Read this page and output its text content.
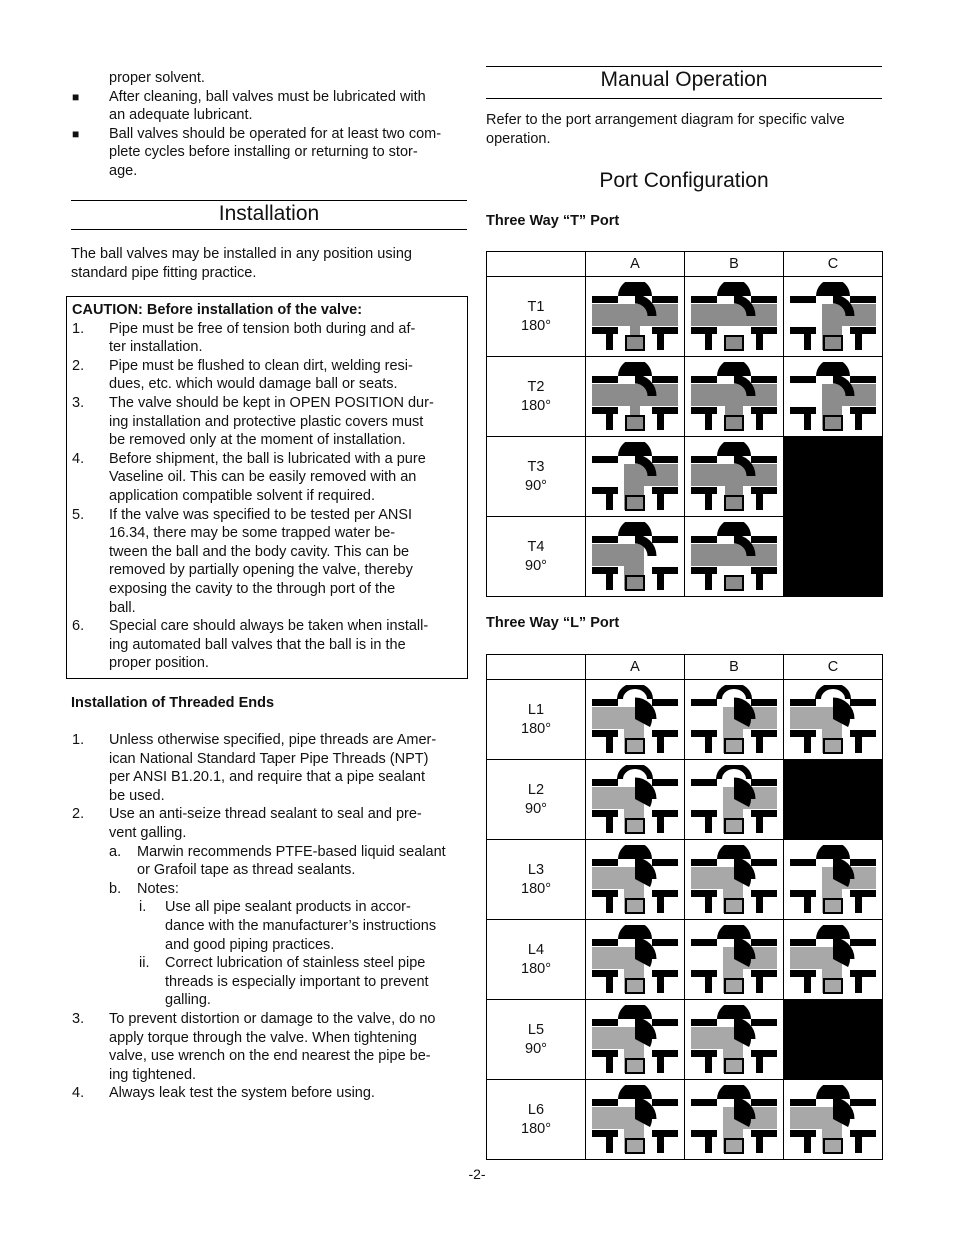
proper solvent.
■ After cleaning, ball valves must be lubricated with
an adequate lubricant.
■ Ball valves should be operated for at least two com-
plete cycles before installing or returning to stor-
age.
Installation
The ball valves may be installed in any position using
standard pipe fitting practice.
CAUTION: Before installation of the valve:
1. Pipe must be free of tension both during and af-
ter installation.
2. Pipe must be flushed to clean dirt, welding resi-
dues, etc. which would damage ball or seats.
3. The valve should be kept in OPEN POSITION dur-
ing installation and protective plastic covers must
be removed only at the moment of installation.
4. Before shipment, the ball is lubricated with a pure
Vaseline oil. This can be easily removed with an
application compatible solvent if required.
5. If the valve was specified to be tested per ANSI
16.34, there may be some trapped water be-
tween the ball and the body cavity. This can be
removed by partially opening the valve, thereby
exposing the cavity to the through port of the
ball.
6. Special care should always be taken when install-
ing automated ball valves that the ball is in the
proper position.
Installation of Threaded Ends
1. Unless otherwise specified, pipe threads are Amer-
ican National Standard Taper Pipe Threads (NPT)
per ANSI B1.20.1, and require that a pipe sealant
be used.
2. Use an anti-seize thread sealant to seal and pre-
vent galling.
a. Marwin recommends PTFE-based liquid sealant
or Grafoil tape as thread sealants.
b. Notes:
i. Use all pipe sealant products in accor-
dance with the manufacturer’s instructions
and good piping practices.
ii. Correct lubrication of stainless steel pipe
threads is especially important to prevent
galling.
3. To prevent distortion or damage to the valve, do no
apply torque through the valve. When tightening
valve, use wrench on the end nearest the pipe be-
ing tightened.
4. Always leak test the system before using.
Manual Operation
Refer to the port arrangement diagram for specific valve
operation.
Port Configuration
Three Way “T” Port
	A	B	C

T1
180°

T2
180°

T3
90°

T4
90°

Three Way “L” Port
	A	B	C

L1
180°

L2
90°

L3
180°

L4
180°

L5
90°

L6
180°

-2-
